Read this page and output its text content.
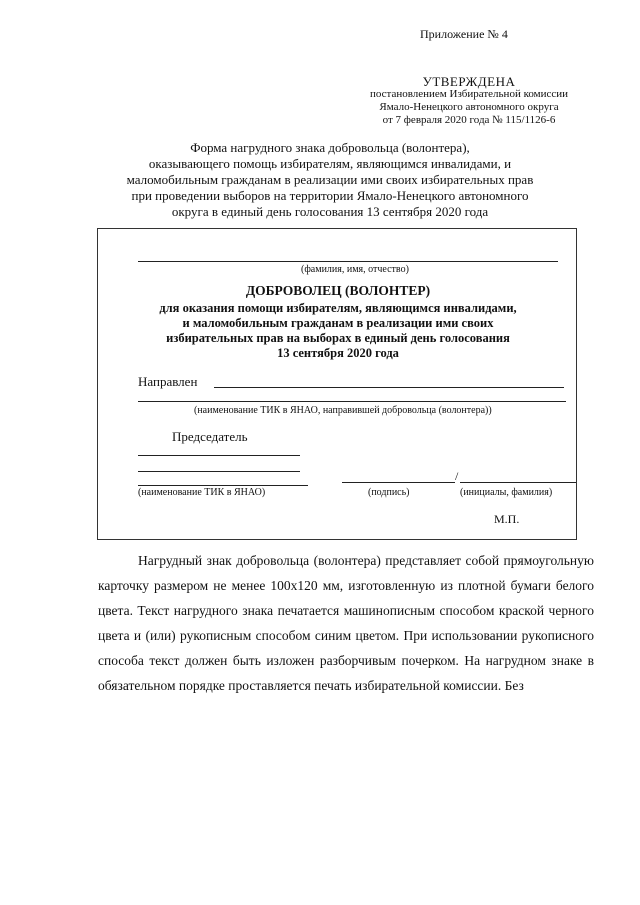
Приложение № 4
УТВЕРЖДЕНА
постановлением Избирательной комиссии
Ямало-Ненецкого автономного округа
от 7 февраля 2020 года № 115/1126-6
Форма нагрудного знака добровольца (волонтера),
оказывающего помощь избирателям, являющимся инвалидами, и
маломобильным гражданам в реализации ими своих избирательных прав
при проведении выборов на территории Ямало-Ненецкого автономного
округа в единый день голосования 13 сентября 2020 года
(фамилия, имя, отчество)
ДОБРОВОЛЕЦ (ВОЛОНТЕР)
для оказания помощи избирателям, являющимся инвалидами,
и маломобильным гражданам в реализации ими своих
избирательных прав на выборах в единый день голосования
13 сентября 2020 года
Направлен
(наименование ТИК в ЯНАО, направившей добровольца (волонтера))
Председатель
/
(наименование ТИК в ЯНАО)	(подпись)	(инициалы, фамилия)
М.П.

Нагрудный знак добровольца (волонтера) представляет собой прямоугольную карточку размером не менее 100х120 мм, изготовленную из плотной бумаги белого цвета. Текст нагрудного знака печатается машинописным способом краской черного цвета и (или) рукописным способом синим цветом. При использовании рукописного способа текст должен быть изложен разборчивым почерком. На нагрудном знаке в обязательном порядке проставляется печать избирательной комиссии. Без
